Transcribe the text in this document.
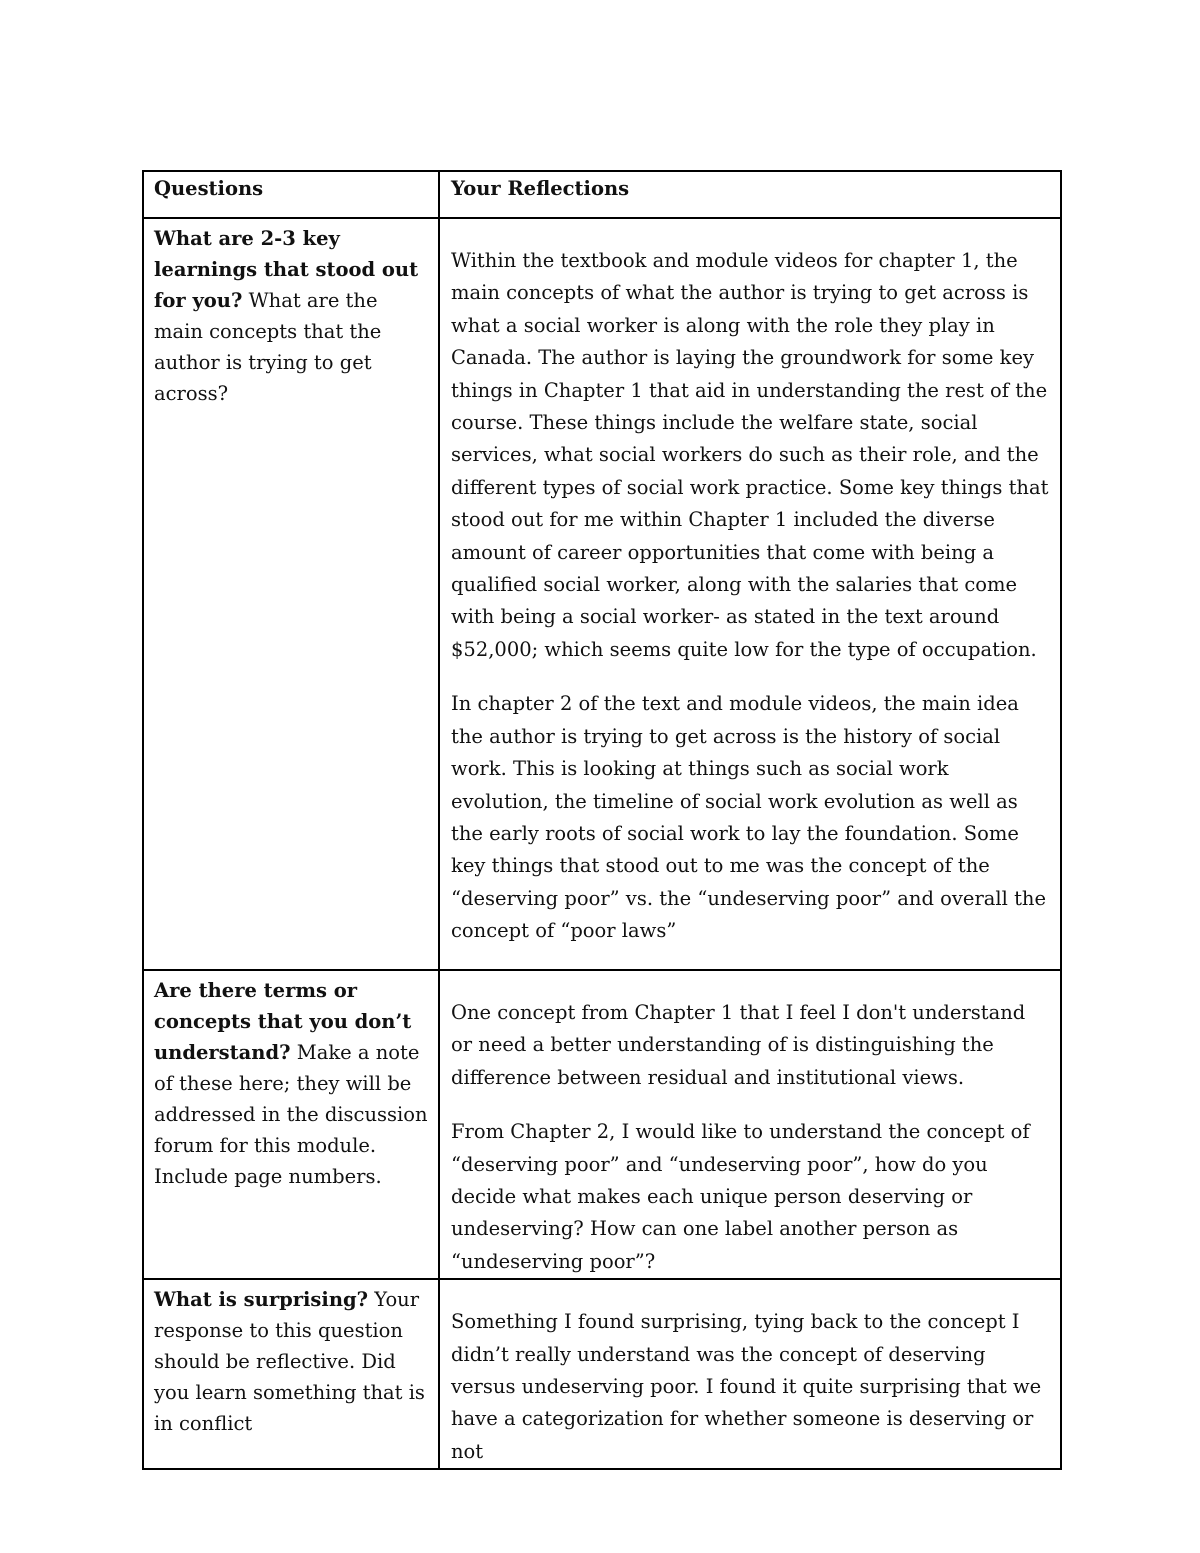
Questions	Your Reflections

What are 2-3 key learnings that stood out for you? What are the main concepts that the author is trying to get across?	Within the textbook and module videos for chapter 1, the main concepts of what the author is trying to get across is what a social worker is along with the role they play in Canada. The author is laying the groundwork for some key things in Chapter 1 that aid in understanding the rest of the course. These things include the welfare state, social services, what social workers do such as their role, and the different types of social work practice. Some key things that stood out for me within Chapter 1 included the diverse amount of career opportunities that come with being a qualified social worker, along with the salaries that come with being a social worker- as stated in the text around $52,000; which seems quite low for the type of occupation.

In chapter 2 of the text and module videos, the main idea the author is trying to get across is the history of social work. This is looking at things such as social work evolution, the timeline of social work evolution as well as the early roots of social work to lay the foundation. Some key things that stood out to me was the concept of the “deserving poor” vs. the “undeserving poor” and overall the concept of “poor laws”

Are there terms or concepts that you don’t understand? Make a note of these here; they will be addressed in the discussion forum for this module. Include page numbers.	One concept from Chapter 1 that I feel I don't understand or need a better understanding of is distinguishing the difference between residual and institutional views.

From Chapter 2, I would like to understand the concept of “deserving poor” and “undeserving poor”, how do you decide what makes each unique person deserving or undeserving? How can one label another person as “undeserving poor”?

What is surprising? Your response to this question should be reflective. Did you learn something that is in conflict	Something I found surprising, tying back to the concept I didn’t really understand was the concept of deserving versus undeserving poor. I found it quite surprising that we have a categorization for whether someone is deserving or not
